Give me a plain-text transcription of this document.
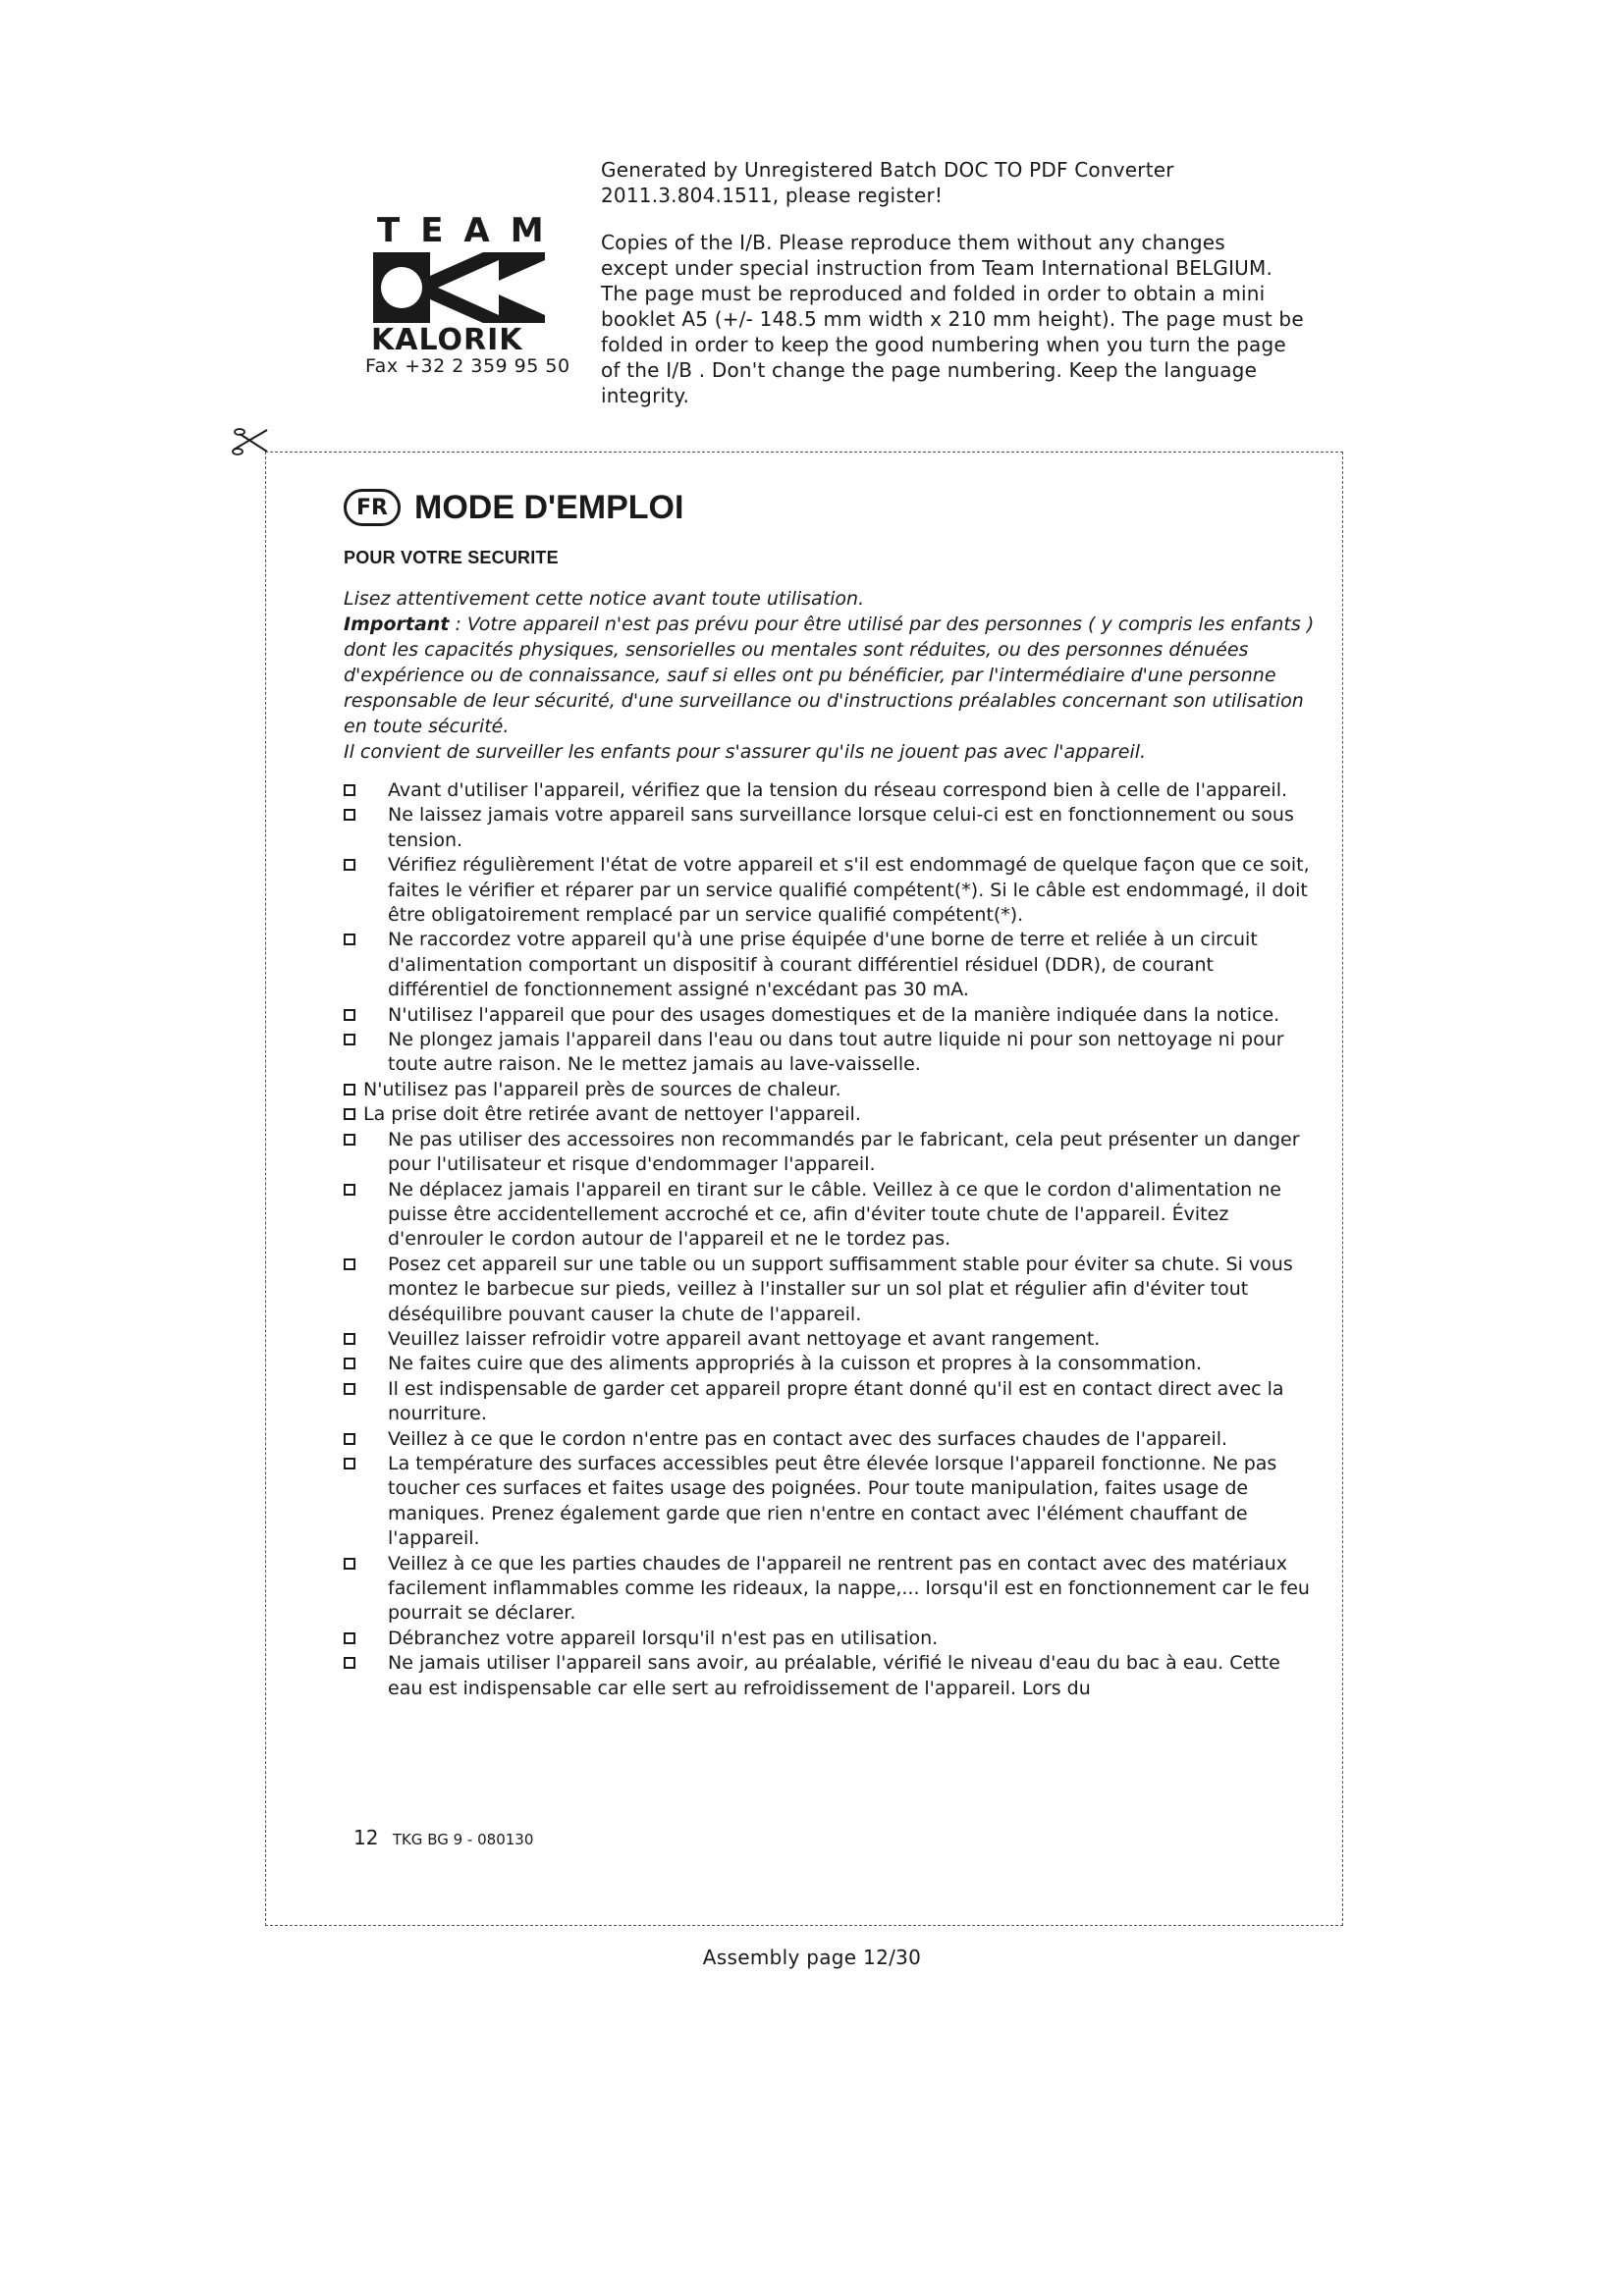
Generated by Unregistered Batch DOC TO PDF Converter

2011.3.804.1511, please register!

Copies of the I/B. Please reproduce them without any changes

except under special instruction from Team International BELGIUM.

The page must be reproduced and folded in order to obtain a mini

booklet A5 (+/- 148.5 mm width x 210 mm height). The page must be

folded in order to keep the good numbering when you turn the page

of the I/B . Don't change the page numbering. Keep the language

integrity.

TEAM
KALORIK
Fax +32 2 359 95 50
FR MODE D'EMPLOI
POUR VOTRE SECURITE

Lisez attentivement cette notice avant toute utilisation.

Important : Votre appareil n'est pas prévu pour être utilisé par des personnes ( y compris les enfants ) dont les capacités physiques, sensorielles ou mentales sont réduites, ou des personnes dénuées d'expérience ou de connaissance, sauf si elles ont pu bénéficier, par l'intermédiaire d'une personne responsable de leur sécurité, d'une surveillance ou d'instructions préalables concernant son utilisation en toute sécurité.

Il convient de surveiller les enfants pour s'assurer qu'ils ne jouent pas avec l'appareil.

Avant d'utiliser l'appareil, vérifiez que la tension du réseau correspond bien à celle de l'appareil.
Ne laissez jamais votre appareil sans surveillance lorsque celui-ci est en fonctionnement ou sous tension.
Vérifiez régulièrement l'état de votre appareil et s'il est endommagé de quelque façon que ce soit, faites le vérifier et réparer par un service qualifié compétent(*). Si le câble est endommagé, il doit être obligatoirement remplacé par un service qualifié compétent(*).
Ne raccordez votre appareil qu'à une prise équipée d'une borne de terre et reliée à un circuit d'alimentation comportant un dispositif à courant différentiel résiduel (DDR), de courant différentiel de fonctionnement assigné n'excédant pas 30 mA.
N'utilisez l'appareil que pour des usages domestiques et de la manière indiquée dans la notice.
Ne plongez jamais l'appareil dans l'eau ou dans tout autre liquide ni pour son nettoyage ni pour toute autre raison. Ne le mettez jamais au lave-vaisselle.
N'utilisez pas l'appareil près de sources de chaleur.
La prise doit être retirée avant de nettoyer l'appareil.
Ne pas utiliser des accessoires non recommandés par le fabricant, cela peut présenter un danger pour l'utilisateur et risque d'endommager l'appareil.
Ne déplacez jamais l'appareil en tirant sur le câble. Veillez à ce que le cordon d'alimentation ne puisse être accidentellement accroché et ce, afin d'éviter toute chute de l'appareil. Évitez d'enrouler le cordon autour de l'appareil et ne le tordez pas.
Posez cet appareil sur une table ou un support suffisamment stable pour éviter sa chute. Si vous montez le barbecue sur pieds, veillez à l'installer sur un sol plat et régulier afin d'éviter tout déséquilibre pouvant causer la chute de l'appareil.
Veuillez laisser refroidir votre appareil avant nettoyage et avant rangement.
Ne faites cuire que des aliments appropriés à la cuisson et propres à la consommation.
Il est indispensable de garder cet appareil propre étant donné qu'il est en contact direct avec la nourriture.
Veillez à ce que le cordon n'entre pas en contact avec des surfaces chaudes de l'appareil.
La température des surfaces accessibles peut être élevée lorsque l'appareil fonctionne. Ne pas toucher ces surfaces et faites usage des poignées. Pour toute manipulation, faites usage de maniques. Prenez également garde que rien n'entre en contact avec l'élément chauffant de l'appareil.
Veillez à ce que les parties chaudes de l'appareil ne rentrent pas en contact avec des matériaux facilement inflammables comme les rideaux, la nappe,... lorsqu'il est en fonctionnement car le feu pourrait se déclarer.
Débranchez votre appareil lorsqu'il n'est pas en utilisation.
Ne jamais utiliser l'appareil sans avoir, au préalable, vérifié le niveau d'eau du bac à eau. Cette eau est indispensable car elle sert au refroidissement de l'appareil. Lors du
12 TKG BG 9 - 080130
Assembly page 12/30
